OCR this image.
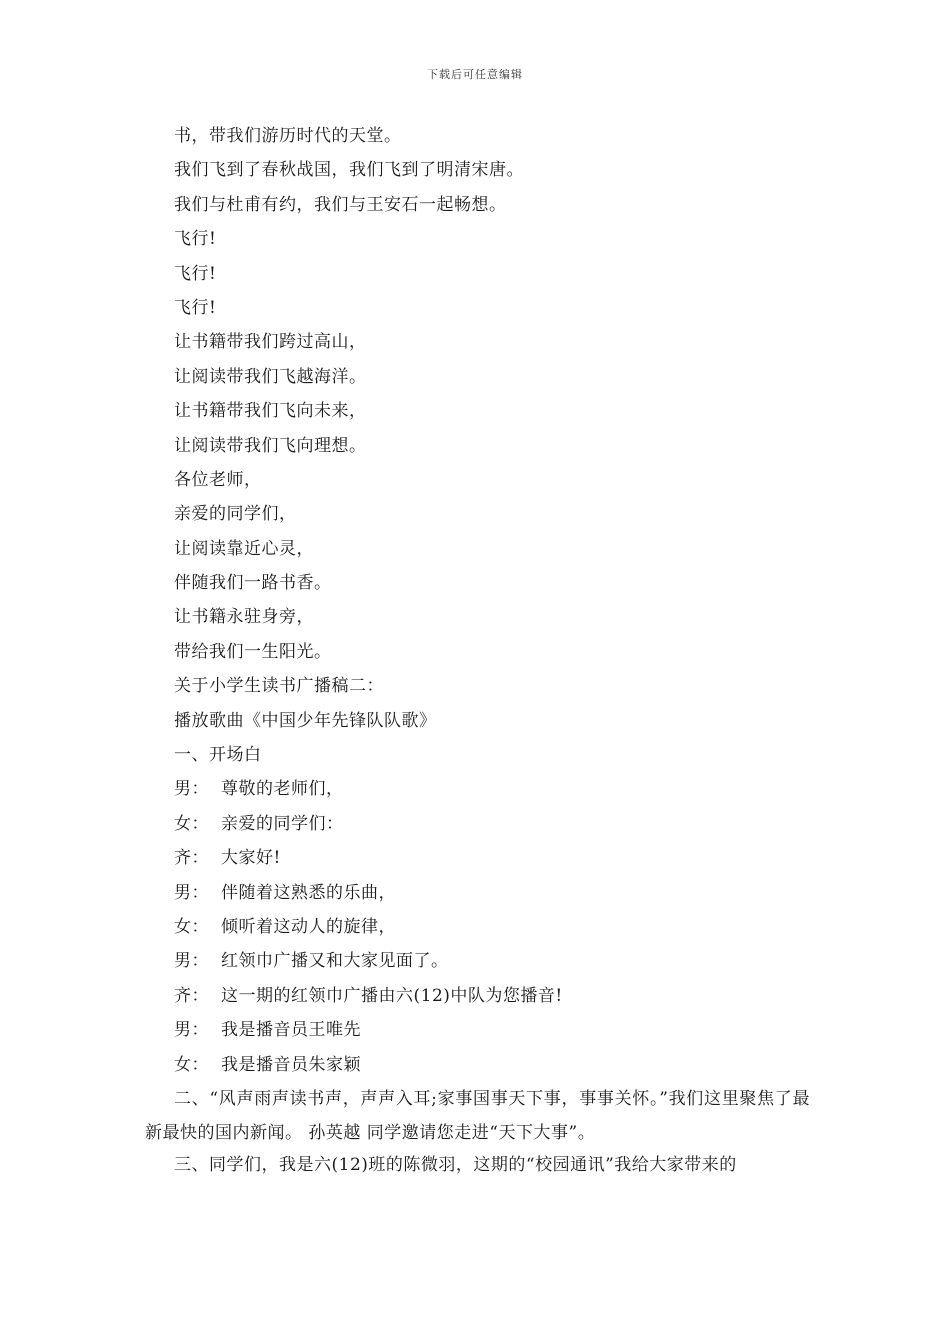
下载后可任意编辑
书，带我们游历时代的天堂。
我们飞到了春秋战国，我们飞到了明清宋唐。
我们与杜甫有约，我们与王安石一起畅想。
飞行!
飞行!
飞行!
让书籍带我们跨过高山，
让阅读带我们飞越海洋。
让书籍带我们飞向未来，
让阅读带我们飞向理想。
各位老师，
亲爱的同学们，
让阅读靠近心灵，
伴随我们一路书香。
让书籍永驻身旁，
带给我们一生阳光。
关于小学生读书广播稿二：
播放歌曲《中国少年先锋队队歌》
一、开场白
男： 尊敬的老师们，
女： 亲爱的同学们：
齐： 大家好!
男： 伴随着这熟悉的乐曲，
女： 倾听着这动人的旋律，
男： 红领巾广播又和大家见面了。
齐： 这一期的红领巾广播由六(12)中队为您播音!
男： 我是播音员王唯先
女： 我是播音员朱家颖
二、“风声雨声读书声，声声入耳;家事国事天下事，事事关怀。”我们这里聚焦了最新最快的国内新闻。 孙英越 同学邀请您走进“天下大事”。
三、同学们，我是六(12)班的陈微羽，这期的“校园通讯”我给大家带来的
